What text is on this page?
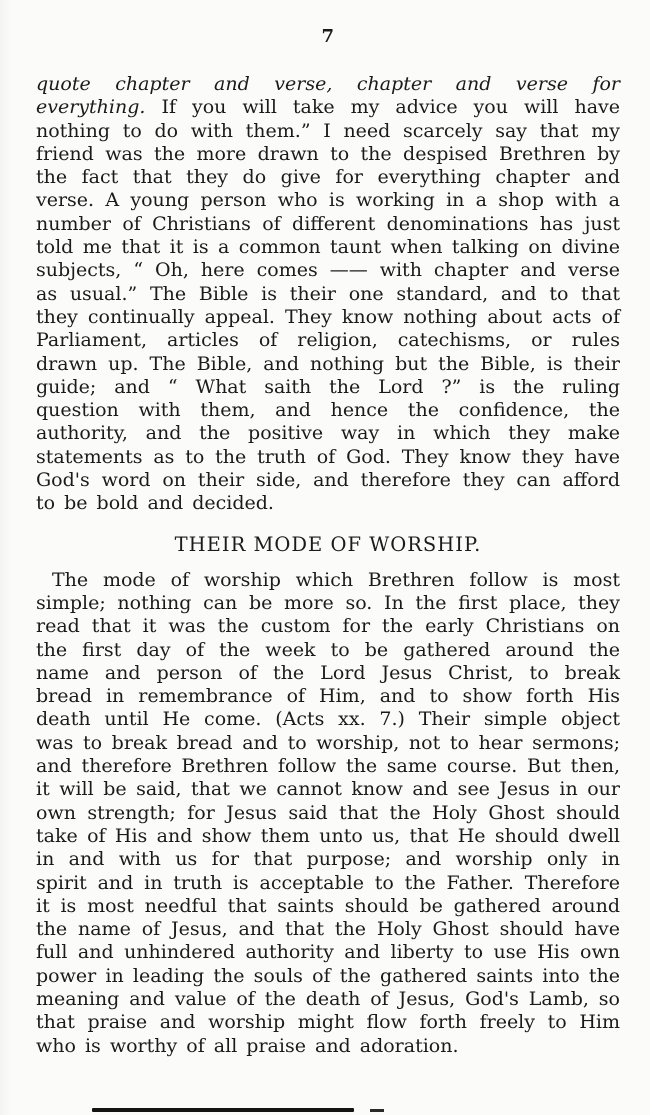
7

quote chapter and verse, chapter and verse for everything. If you will take my advice you will have nothing to do with them.” I need scarcely say that my friend was the more drawn to the despised Brethren by the fact that they do give for everything chapter and verse. A young person who is working in a shop with a number of Christians of different denominations has just told me that it is a common taunt when talking on divine subjects, “ Oh, here comes —— with chapter and verse as usual.” The Bible is their one standard, and to that they continually appeal. They know nothing about acts of Parliament, articles of religion, catechisms, or rules drawn up. The Bible, and nothing but the Bible, is their guide; and “ What saith the Lord ?” is the ruling question with them, and hence the confidence, the authority, and the positive way in which they make statements as to the truth of God. They know they have God's word on their side, and therefore they can afford to be bold and decided.

THEIR MODE OF WORSHIP.

The mode of worship which Brethren follow is most simple; nothing can be more so. In the first place, they read that it was the custom for the early Christians on the first day of the week to be gathered around the name and person of the Lord Jesus Christ, to break bread in remembrance of Him, and to show forth His death until He come. (Acts xx. 7.) Their simple object was to break bread and to worship, not to hear sermons; and therefore Brethren follow the same course. But then, it will be said, that we cannot know and see Jesus in our own strength; for Jesus said that the Holy Ghost should take of His and show them unto us, that He should dwell in and with us for that purpose; and worship only in spirit and in truth is acceptable to the Father. Therefore it is most needful that saints should be gathered around the name of Jesus, and that the Holy Ghost should have full and unhindered authority and liberty to use His own power in leading the souls of the gathered saints into the meaning and value of the death of Jesus, God's Lamb, so that praise and worship might flow forth freely to Him who is worthy of all praise and adoration.
